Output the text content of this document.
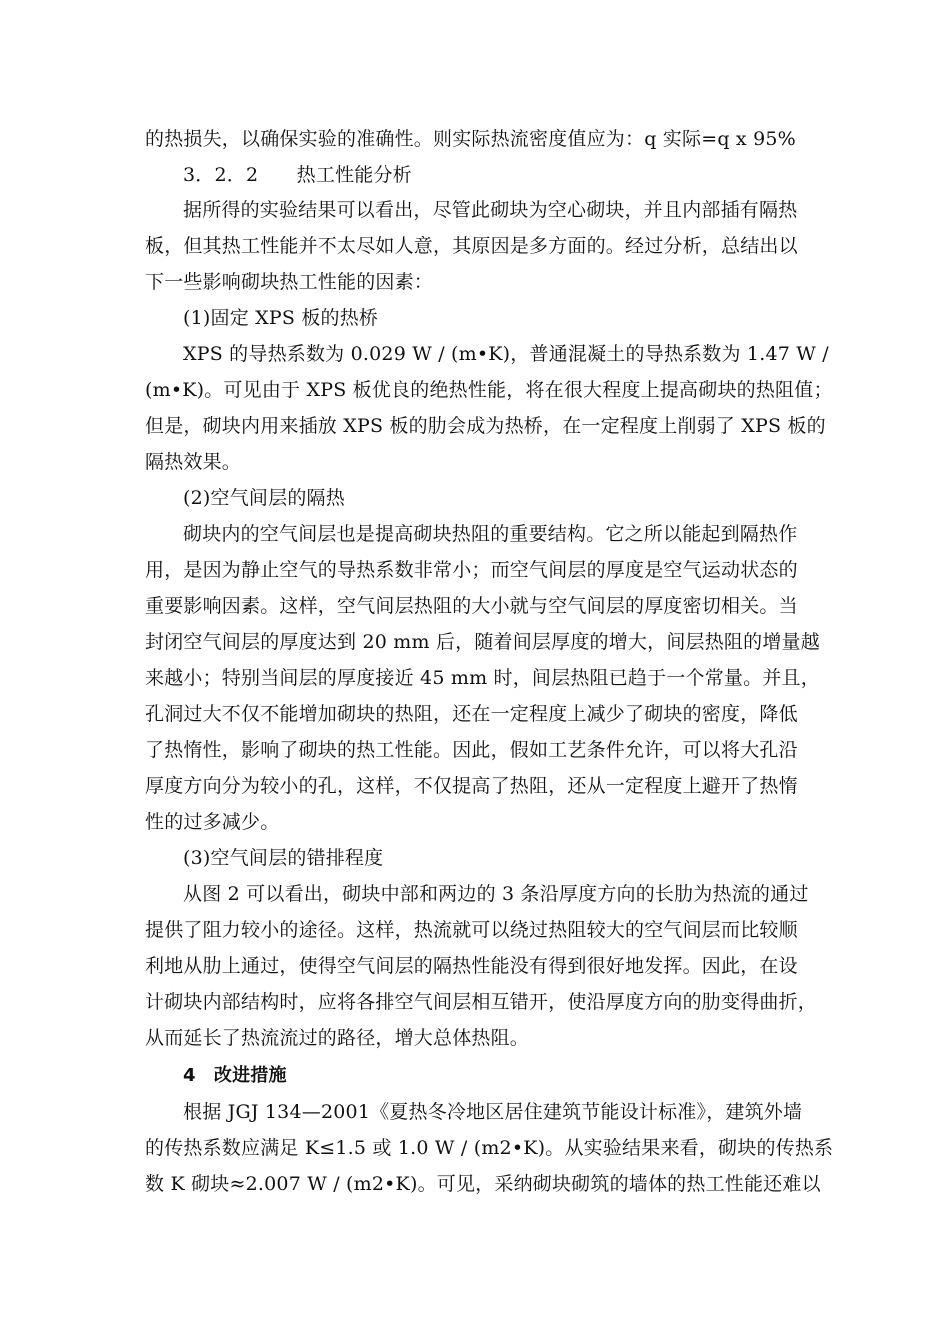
的热损失，以确保实验的准确性。则实际热流密度值应为：q 实际=q x 95%
3．2．2　　热工性能分析
据所得的实验结果可以看出，尽管此砌块为空心砌块，并且内部插有隔热
板，但其热工性能并不太尽如人意，其原因是多方面的。经过分析，总结出以
下一些影响砌块热工性能的因素：
(1)固定 XPS 板的热桥
XPS 的导热系数为 0.029 W / (m•K)，普通混凝土的导热系数为 1.47 W /
(m•K)。可见由于 XPS 板优良的绝热性能，将在很大程度上提高砌块的热阻值；
但是，砌块内用来插放 XPS 板的肋会成为热桥，在一定程度上削弱了 XPS 板的
隔热效果。
(2)空气间层的隔热
砌块内的空气间层也是提高砌块热阻的重要结构。它之所以能起到隔热作
用，是因为静止空气的导热系数非常小；而空气间层的厚度是空气运动状态的
重要影响因素。这样，空气间层热阻的大小就与空气间层的厚度密切相关。当
封闭空气间层的厚度达到 20 mm 后，随着间层厚度的增大，间层热阻的增量越
来越小；特别当间层的厚度接近 45 mm 时，间层热阻已趋于一个常量。并且，
孔洞过大不仅不能增加砌块的热阻，还在一定程度上减少了砌块的密度，降低
了热惰性，影响了砌块的热工性能。因此，假如工艺条件允许，可以将大孔沿
厚度方向分为较小的孔，这样，不仅提高了热阻，还从一定程度上避开了热惰
性的过多减少。
(3)空气间层的错排程度
从图 2 可以看出，砌块中部和两边的 3 条沿厚度方向的长肋为热流的通过
提供了阻力较小的途径。这样，热流就可以绕过热阻较大的空气间层而比较顺
利地从肋上通过，使得空气间层的隔热性能没有得到很好地发挥。因此，在设
计砌块内部结构时，应将各排空气间层相互错开，使沿厚度方向的肋变得曲折，
从而延长了热流流过的路径，增大总体热阻。
4　改进措施
根据 JGJ 134—2001《夏热冬冷地区居住建筑节能设计标准》，建筑外墙
的传热系数应满足 K≤1.5 或 1.0 W / (m2•K)。从实验结果来看，砌块的传热系
数 K 砌块≈2.007 W / (m2•K)。可见，采纳砌块砌筑的墙体的热工性能还难以
